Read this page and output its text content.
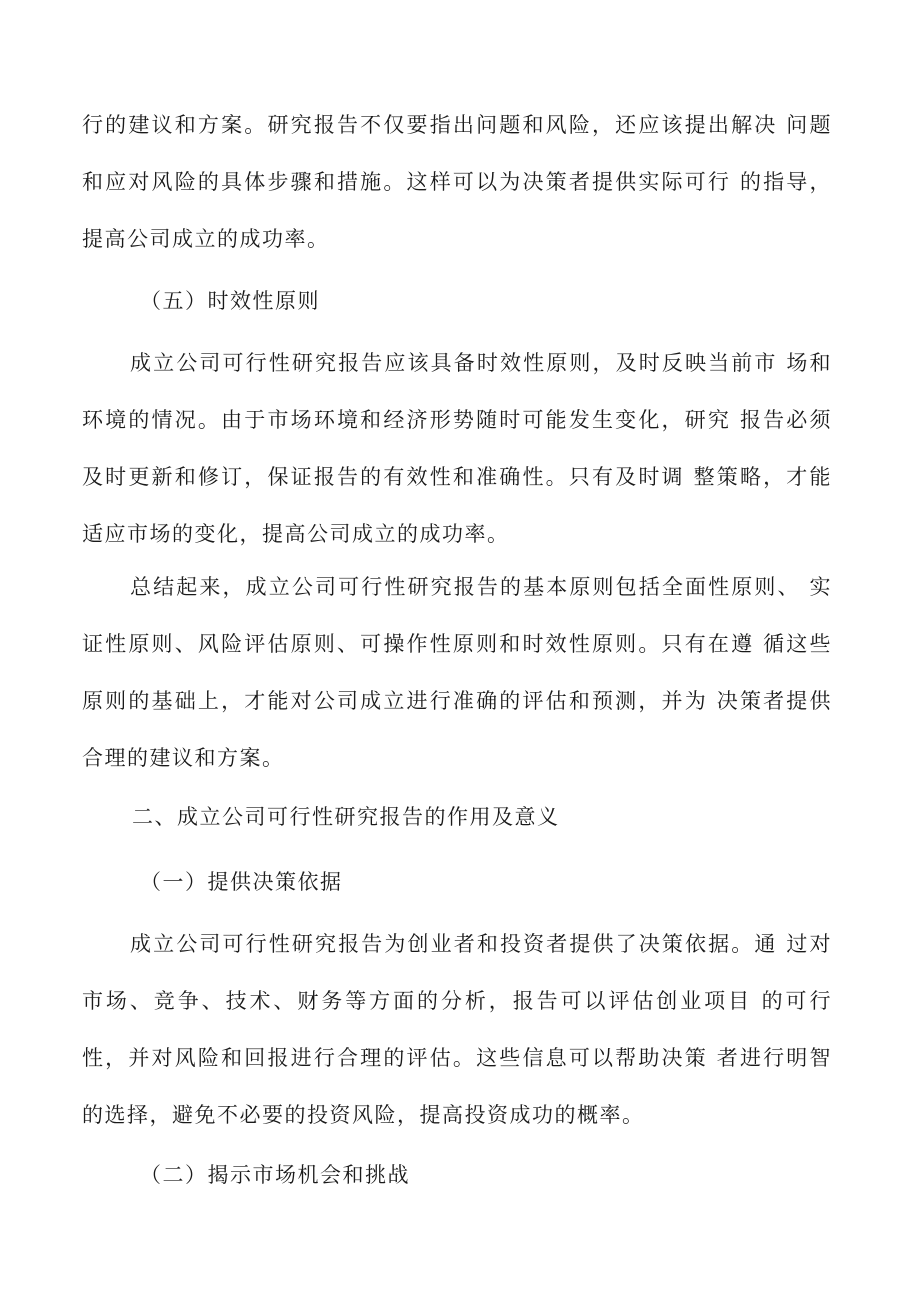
行的建议和方案。研究报告不仅要指出问题和风险，还应该提出解决 问题和应对风险的具体步骤和措施。这样可以为决策者提供实际可行 的指导，提高公司成立的成功率。

（五）时效性原则

成立公司可行性研究报告应该具备时效性原则，及时反映当前市 场和环境的情况。由于市场环境和经济形势随时可能发生变化，研究 报告必须及时更新和修订，保证报告的有效性和准确性。只有及时调 整策略，才能适应市场的变化，提高公司成立的成功率。

总结起来，成立公司可行性研究报告的基本原则包括全面性原则、 实证性原则、风险评估原则、可操作性原则和时效性原则。只有在遵 循这些原则的基础上，才能对公司成立进行准确的评估和预测，并为 决策者提供合理的建议和方案。

二、成立公司可行性研究报告的作用及意义
（一）提供决策依据

成立公司可行性研究报告为创业者和投资者提供了决策依据。通 过对市场、竞争、技术、财务等方面的分析，报告可以评估创业项目 的可行性，并对风险和回报进行合理的评估。这些信息可以帮助决策 者进行明智的选择，避免不必要的投资风险，提高投资成功的概率。

（二）揭示市场机会和挑战
